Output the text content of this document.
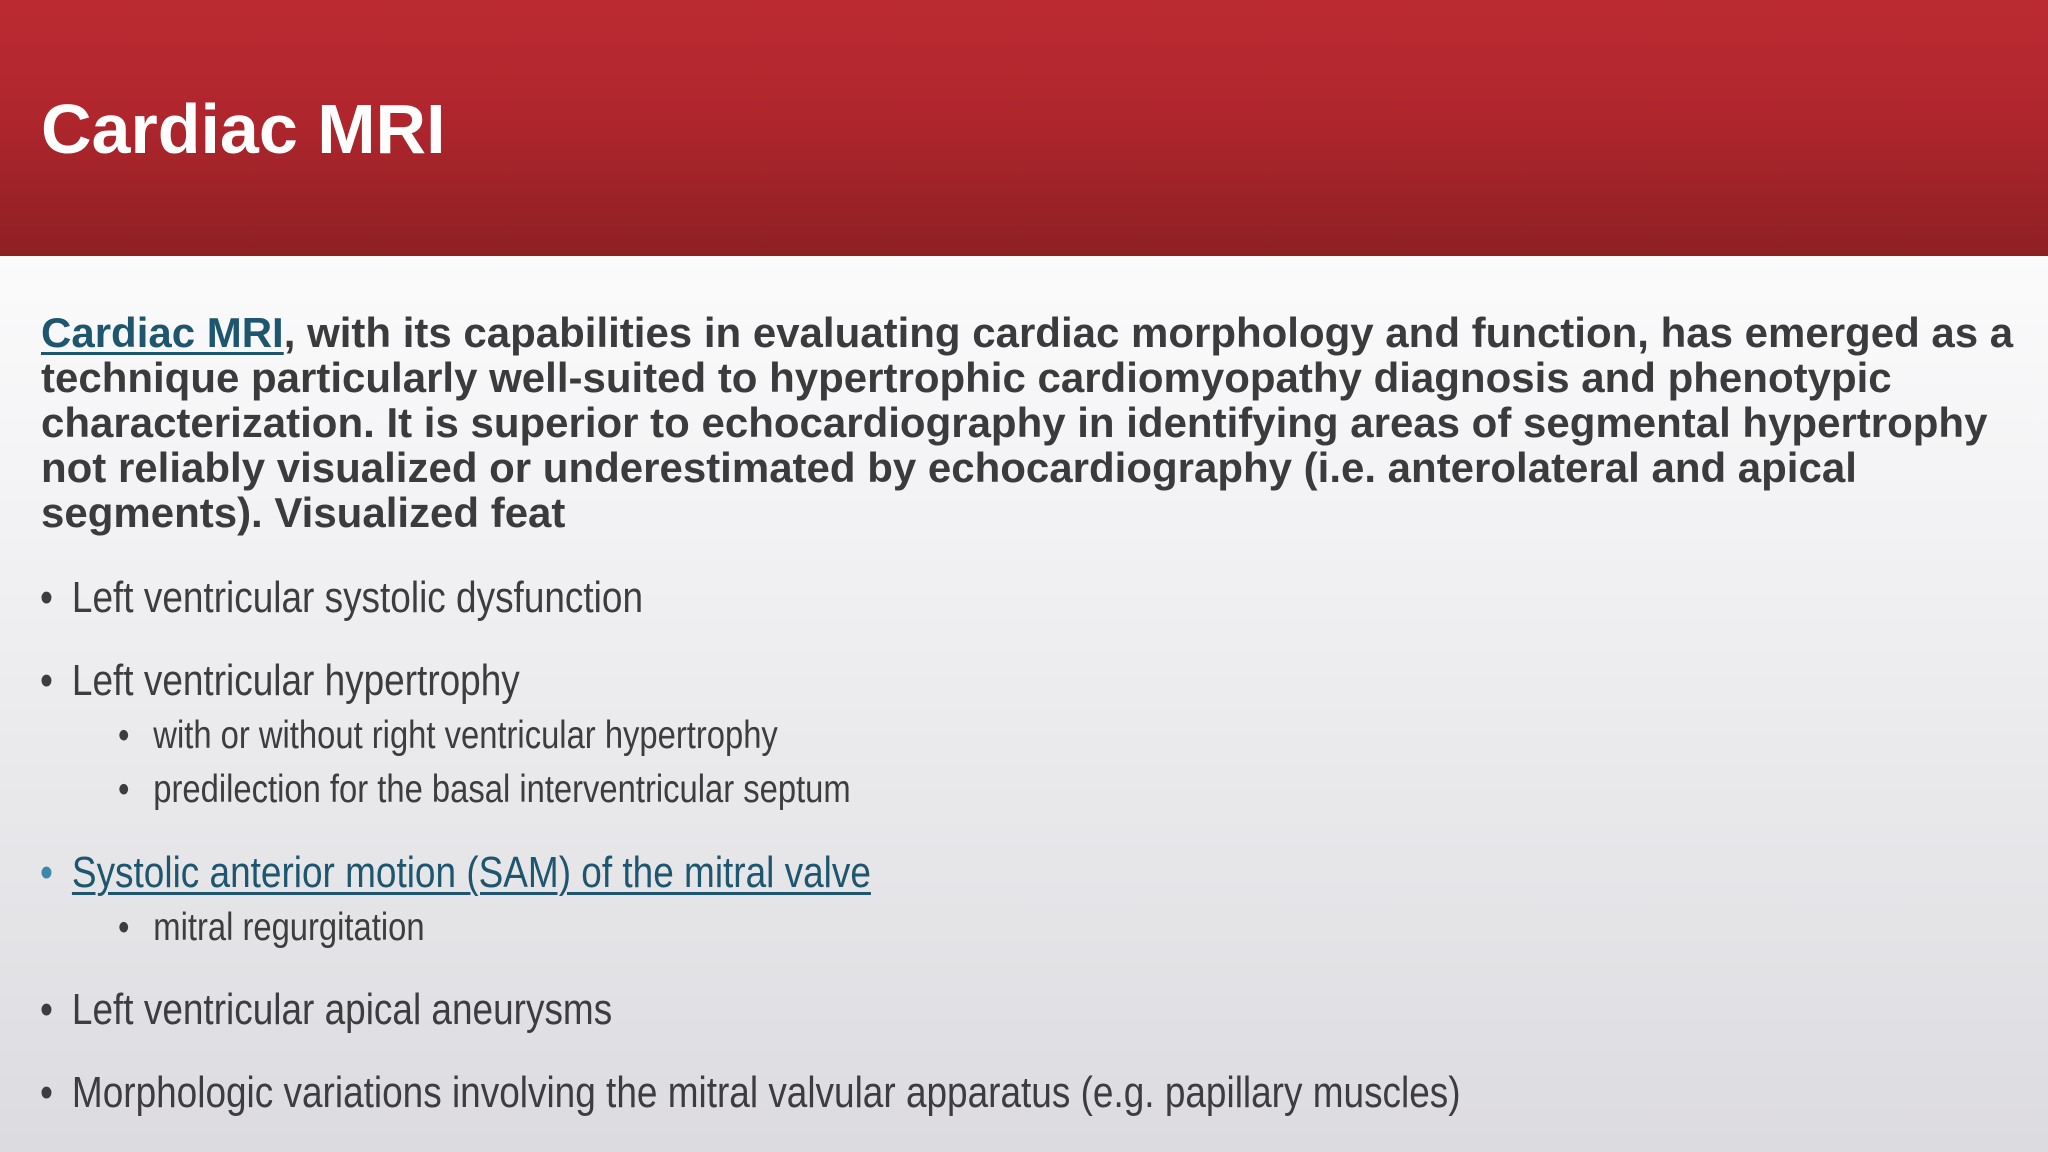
Cardiac MRI

Cardiac MRI, with its capabilities in evaluating cardiac morphology and function, has emerged as a technique particularly well-suited to hypertrophic cardiomyopathy diagnosis and phenotypic characterization. It is superior to echocardiography in identifying areas of segmental hypertrophy not reliably visualized or underestimated by echocardiography (i.e. anterolateral and apical segments). Visualized feat

• Left ventricular systolic dysfunction
• Left ventricular hypertrophy
• with or without right ventricular hypertrophy
• predilection for the basal interventricular septum
• Systolic anterior motion (SAM) of the mitral valve
• mitral regurgitation
• Left ventricular apical aneurysms
• Morphologic variations involving the mitral valvular apparatus (e.g. papillary muscles)
